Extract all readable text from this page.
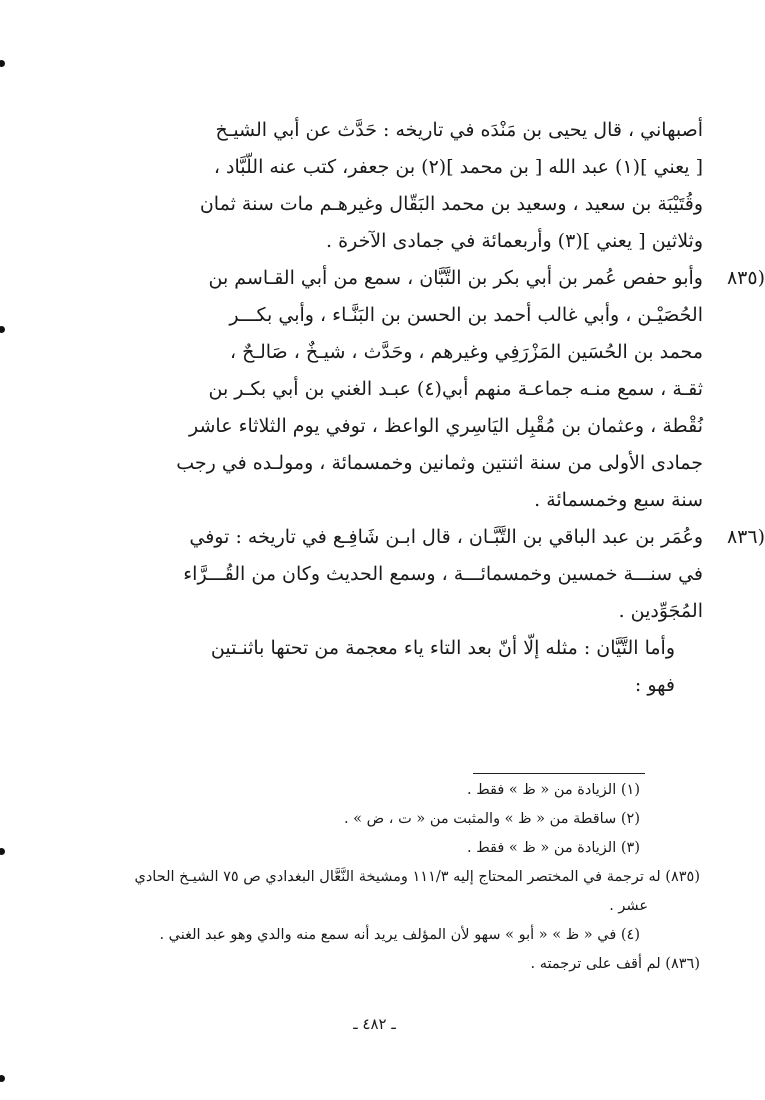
أصبهاني ، قال يحيى بن مَنْدَه في تاريخه : حَدَّث عن أبي الشيـخ

[ يعني ](١) عبد الله [ بن محمد ](٢) بن جعفر، كتب عنه اللّبَّاد ،

وقُتَيْبَة بن سعيد ، وسعيد بن محمد البَقّال وغيرهـم مات سنة ثمان

وثلاثين [ يعني ](٣) وأربعمائة في جمادى الآخرة .

(٨٣٥

وأبو حفص عُمر بن أبي بكر بن التَّبَّان ، سمع من أبي القـاسم بن

الحُصَيْـن ، وأبي غالب أحمد بن الحسن بن البَنَّـاء ، وأبي بكـــر

محمد بن الحُسَين المَزْرَفِي وغيرهم ، وحَدَّث ، شيـخٌ ، صَالـحٌ ،

ثقـة ، سمع منـه جماعـة منهم أبي(٤) عبـد الغني بن أبي بكـر بن

نُقْطة ، وعثمان بن مُقْبِل اليَاسِري الواعظ ، توفي يوم الثلاثاء عاشر

جمادى الأولى من سنة اثنتين وثمانين وخمسمائة ، ومولـده في رجب

سنة سبع وخمسمائة .

(٨٣٦

وعُمَر بن عبد الباقي بن التَّبَّـان ، قال ابـن شَافِـع في تاريخه : توفي

في سنـــة خمسين وخمسمائـــة ، وسمع الحديث وكان من القُـــرَّاء

المُجَوِّدين .

وأما التَّيَّان : مثله إلّا أنّ بعد التاء ياء معجمة من تحتها باثنـتين

فهو :

(١) الزيادة من « ظ » فقط .

(٢) ساقطة من « ظ » والمثبت من « ت ، ض » .

(٣) الزيادة من « ظ » فقط .

(٨٣٥) له ترجمة في المختصر المحتاج إليه ١١١/٣ ومشيخة النَّعَّال البغدادي ص ٧٥ الشيـخ الحادي

عشر .

(٤) في « ظ » « أبو » سهو لأن المؤلف يريد أنه سمع منه والدي وهو عبد الغني .

(٨٣٦) لم أقف على ترجمته .

ـ ٤٨٢ ـ
